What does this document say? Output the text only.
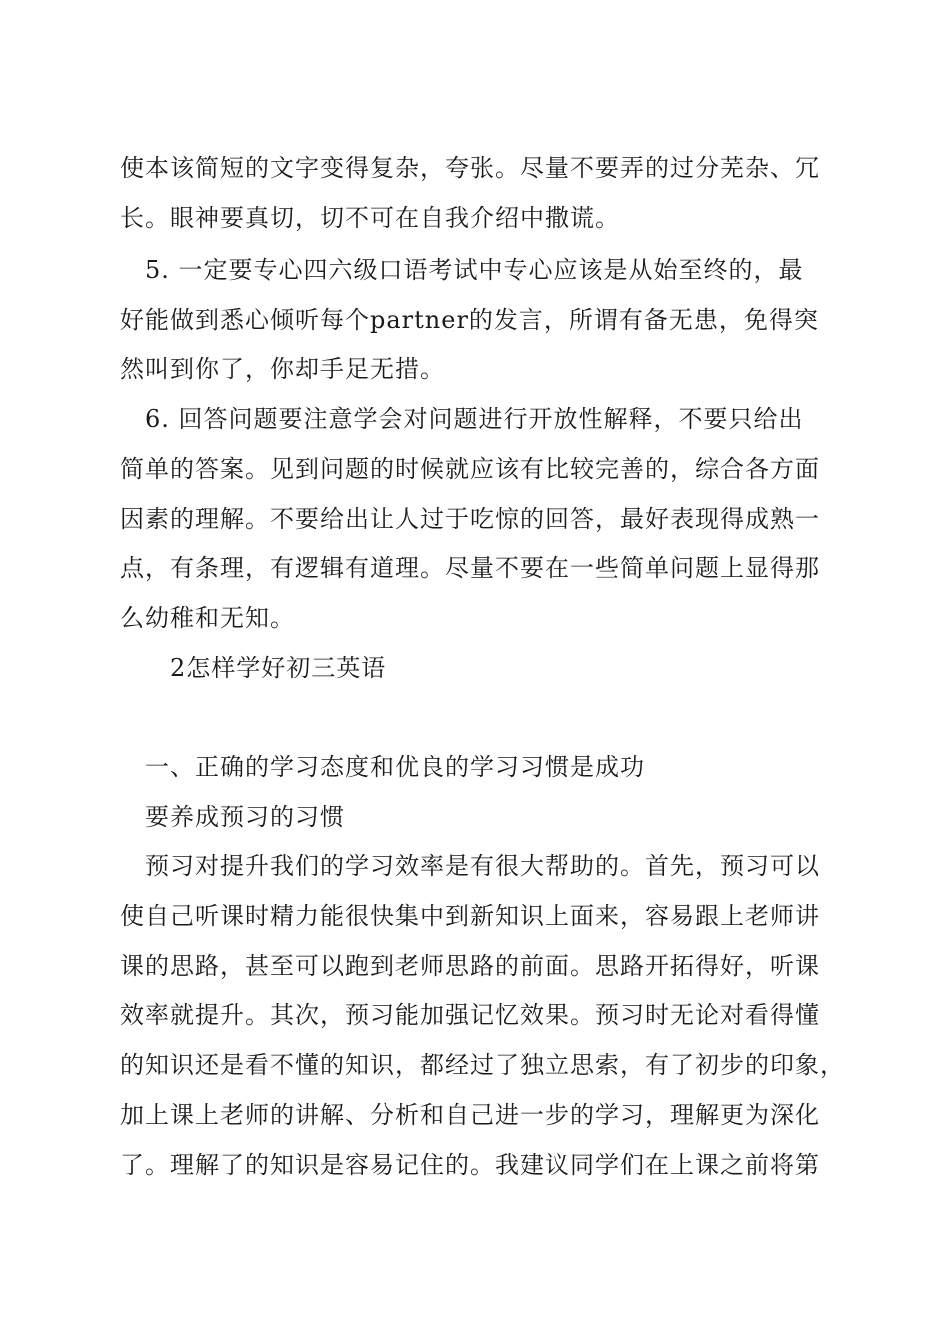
使本该简短的文字变得复杂，夸张。尽量不要弄的过分芜杂、冗
长。眼神要真切，切不可在自我介绍中撒谎。
5. 一定要专心四六级口语考试中专心应该是从始至终的，最
好能做到悉心倾听每个partner的发言，所谓有备无患，免得突
然叫到你了，你却手足无措。
6. 回答问题要注意学会对问题进行开放性解释，不要只给出
简单的答案。见到问题的时候就应该有比较完善的，综合各方面
因素的理解。不要给出让人过于吃惊的回答，最好表现得成熟一
点，有条理，有逻辑有道理。尽量不要在一些简单问题上显得那
么幼稚和无知。
2怎样学好初三英语
一、正确的学习态度和优良的学习习惯是成功
要养成预习的习惯
预习对提升我们的学习效率是有很大帮助的。首先，预习可以
使自己听课时精力能很快集中到新知识上面来，容易跟上老师讲
课的思路，甚至可以跑到老师思路的前面。思路开拓得好，听课
效率就提升。其次，预习能加强记忆效果。预习时无论对看得懂
的知识还是看不懂的知识，都经过了独立思索，有了初步的印象，
加上课上老师的讲解、分析和自己进一步的学习，理解更为深化
了。理解了的知识是容易记住的。我建议同学们在上课之前将第
